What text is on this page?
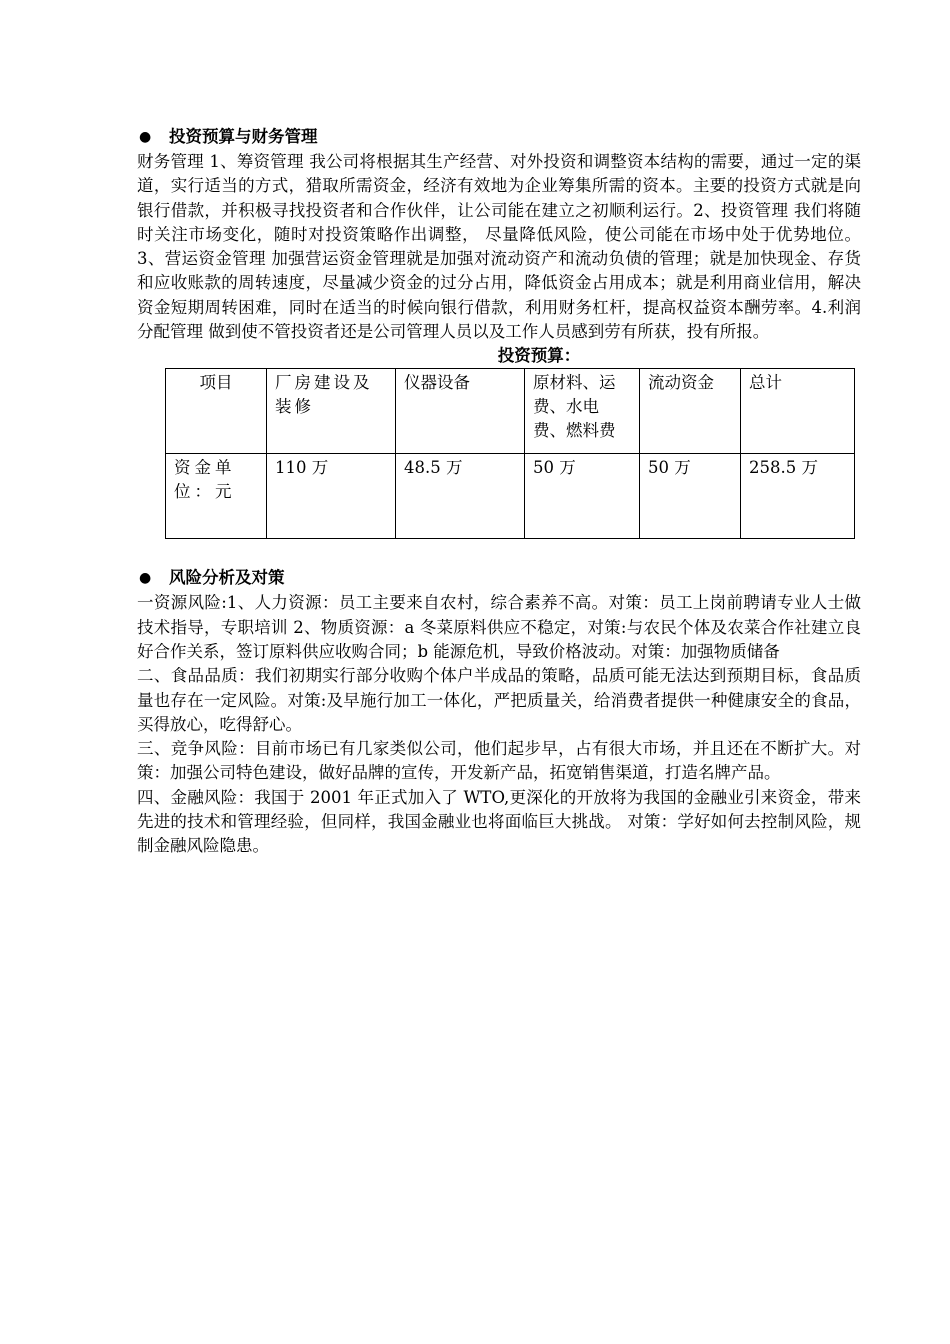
● 投资预算与财务管理

财务管理 1、筹资管理 我公司将根据其生产经营、对外投资和调整资本结构的需要，通过一定的渠道，实行适当的方式，猎取所需资金，经济有效地为企业筹集所需的资本。主要的投资方式就是向银行借款，并积极寻找投资者和合作伙伴，让公司能在建立之初顺利运行。2、投资管理 我们将随时关注市场变化，随时对投资策略作出调整， 尽量降低风险，使公司能在市场中处于优势地位。 3、营运资金管理 加强营运资金管理就是加强对流动资产和流动负债的管理；就是加快现金、存货和应收账款的周转速度，尽量减少资金的过分占用，降低资金占用成本；就是利用商业信用，解决资金短期周转困难，同时在适当的时候向银行借款，利用财务杠杆，提高权益资本酬劳率。4.利润分配管理 做到使不管投资者还是公司管理人员以及工作人员感到劳有所获，投有所报。

投资预算：
项目	厂房建设及装修	仪器设备	原材料、运费、水电费、燃料费	流动资金	总计
资金单位：元	110 万	48.5 万	50 万	50 万	258.5 万
● 风险分析及对策

一资源风险:1、人力资源：员工主要来自农村，综合素养不高。对策：员工上岗前聘请专业人士做技术指导，专职培训 2、物质资源：a 冬菜原料供应不稳定，对策:与农民个体及农菜合作社建立良好合作关系，签订原料供应收购合同；b 能源危机，导致价格波动。对策：加强物质储备

二、食品品质：我们初期实行部分收购个体户半成品的策略，品质可能无法达到预期目标，食品质量也存在一定风险。对策:及早施行加工一体化，严把质量关，给消费者提供一种健康安全的食品，买得放心，吃得舒心。

三、竞争风险：目前市场已有几家类似公司，他们起步早，占有很大市场，并且还在不断扩大。对策：加强公司特色建设，做好品牌的宣传，开发新产品，拓宽销售渠道，打造名牌产品。

四、金融风险：我国于 2001 年正式加入了 WTO,更深化的开放将为我国的金融业引来资金，带来先进的技术和管理经验，但同样，我国金融业也将面临巨大挑战。 对策：学好如何去控制风险，规制金融风险隐患。
